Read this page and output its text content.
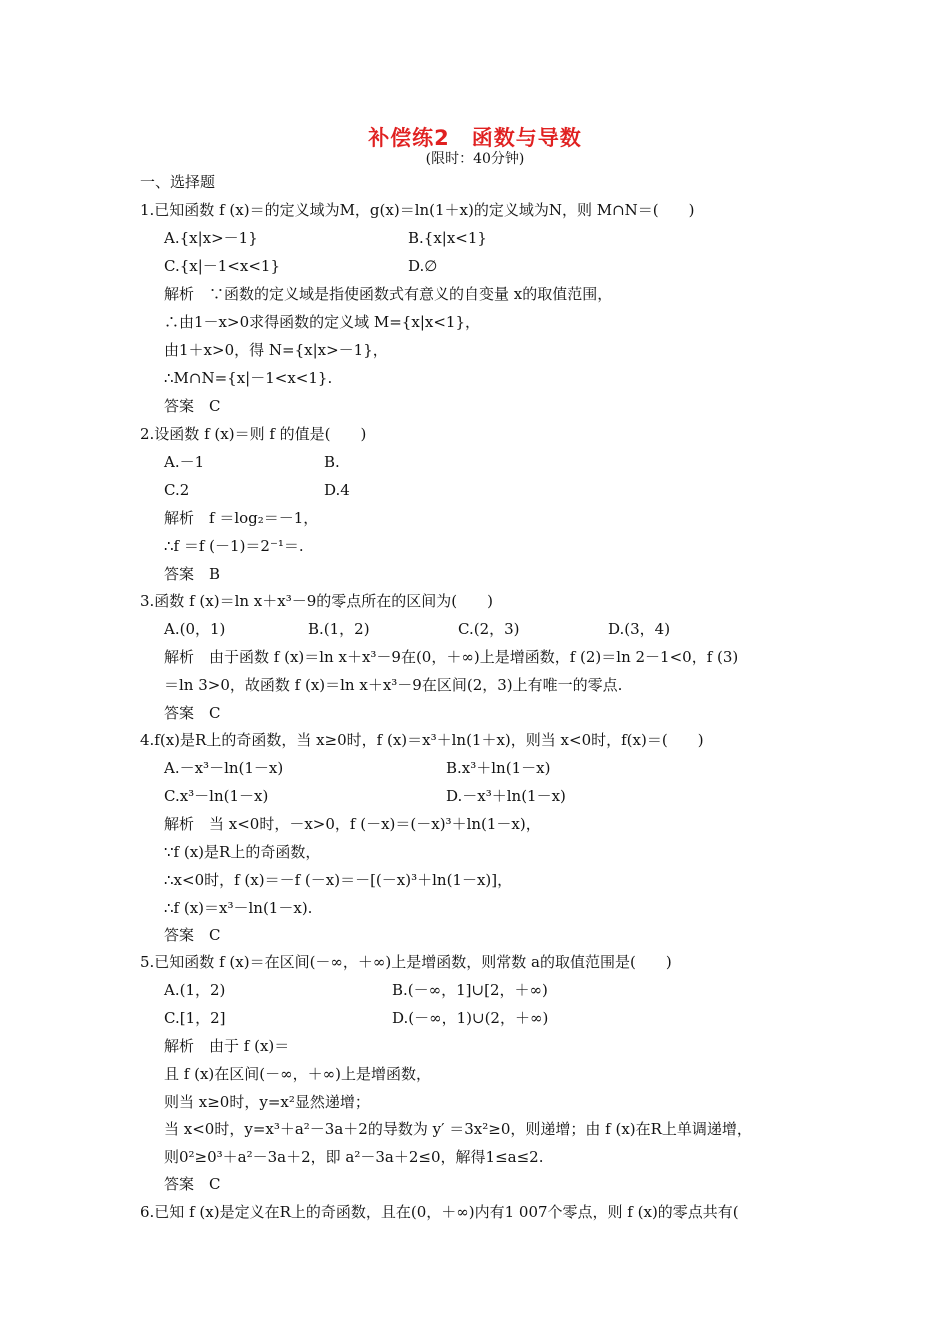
补偿练2　函数与导数
(限时：40分钟)
一、选择题
1.已知函数 f (x)＝的定义域为M，g(x)＝ln(1＋x)的定义域为N，则 M∩N＝(　　)
A.{x|x>－1}	B.{x|x<1}
C.{x|－1<x<1}	D.∅
解析　∵函数的定义域是指使函数式有意义的自变量 x的取值范围，
∴由1－x>0求得函数的定义域 M={x|x<1}，
由1＋x>0，得 N={x|x>－1}，
∴M∩N={x|－1<x<1}.
答案　C
2.设函数 f (x)＝则 f 的值是(　　)
A.－1	B.
C.2	D.4
解析　f ＝log₂＝－1，
∴f ＝f (－1)＝2⁻¹＝.
答案　B
3.函数 f (x)＝ln x＋x³－9的零点所在的区间为(　　)
A.(0，1)	B.(1，2)	C.(2，3)	D.(3，4)
解析　由于函数 f (x)＝ln x＋x³－9在(0，＋∞)上是增函数，f (2)＝ln 2－1<0，f (3)
＝ln 3>0，故函数 f (x)＝ln x＋x³－9在区间(2，3)上有唯一的零点.
答案　C
4.f(x)是R上的奇函数，当 x≥0时，f (x)＝x³＋ln(1＋x)，则当 x<0时，f(x)＝(　　)
A.－x³－ln(1－x)	B.x³＋ln(1－x)
C.x³－ln(1－x)	D.－x³＋ln(1－x)
解析　当 x<0时，－x>0，f (－x)＝(－x)³＋ln(1－x)，
∵f (x)是R上的奇函数，
∴x<0时，f (x)＝－f (－x)＝－[(－x)³＋ln(1－x)]，
∴f (x)＝x³－ln(1－x).
答案　C
5.已知函数 f (x)＝在区间(－∞，＋∞)上是增函数，则常数 a的取值范围是(　　)
A.(1，2)	B.(－∞，1]∪[2，＋∞)
C.[1，2]	D.(－∞，1)∪(2，＋∞)
解析　由于 f (x)＝
且 f (x)在区间(－∞，＋∞)上是增函数，
则当 x≥0时，y=x²显然递增；
当 x<0时，y=x³＋a²－3a＋2的导数为 y′ ＝3x²≥0，则递增；由 f (x)在R上单调递增，
则0²≥0³＋a²－3a＋2，即 a²－3a＋2≤0，解得1≤a≤2.
答案　C
6.已知 f (x)是定义在R上的奇函数，且在(0，＋∞)内有1 007个零点，则 f (x)的零点共有(
